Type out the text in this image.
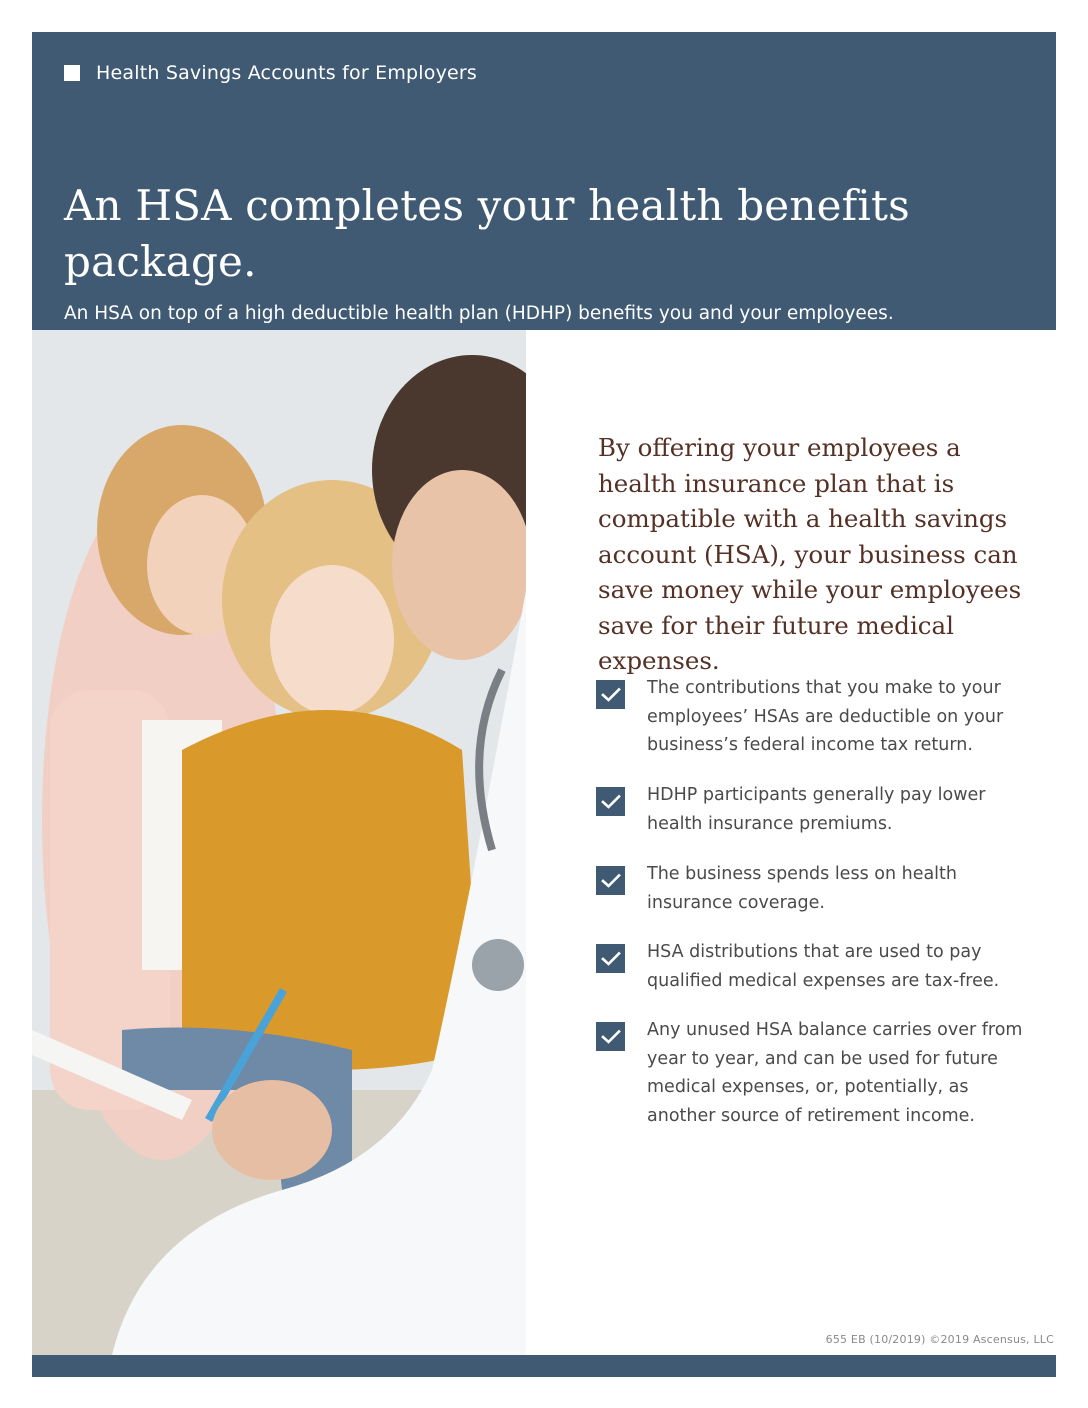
Health Savings Accounts for Employers
An HSA completes your health benefits package.
An HSA on top of a high deductible health plan (HDHP) benefits you and your employees.
By offering your employees a health insurance plan that is compatible with a health savings account (HSA), your business can save money while your employees save for their future medical expenses.
The contributions that you make to your employees’ HSAs are deductible on your business’s federal income tax return.
HDHP participants generally pay lower health insurance premiums.
The business spends less on health insurance coverage.
HSA distributions that are used to pay qualified medical expenses are tax-free.
Any unused HSA balance carries over from year to year, and can be used for future medical expenses, or, potentially, as another source of retirement income.
655 EB (10/2019) ©2019 Ascensus, LLC
